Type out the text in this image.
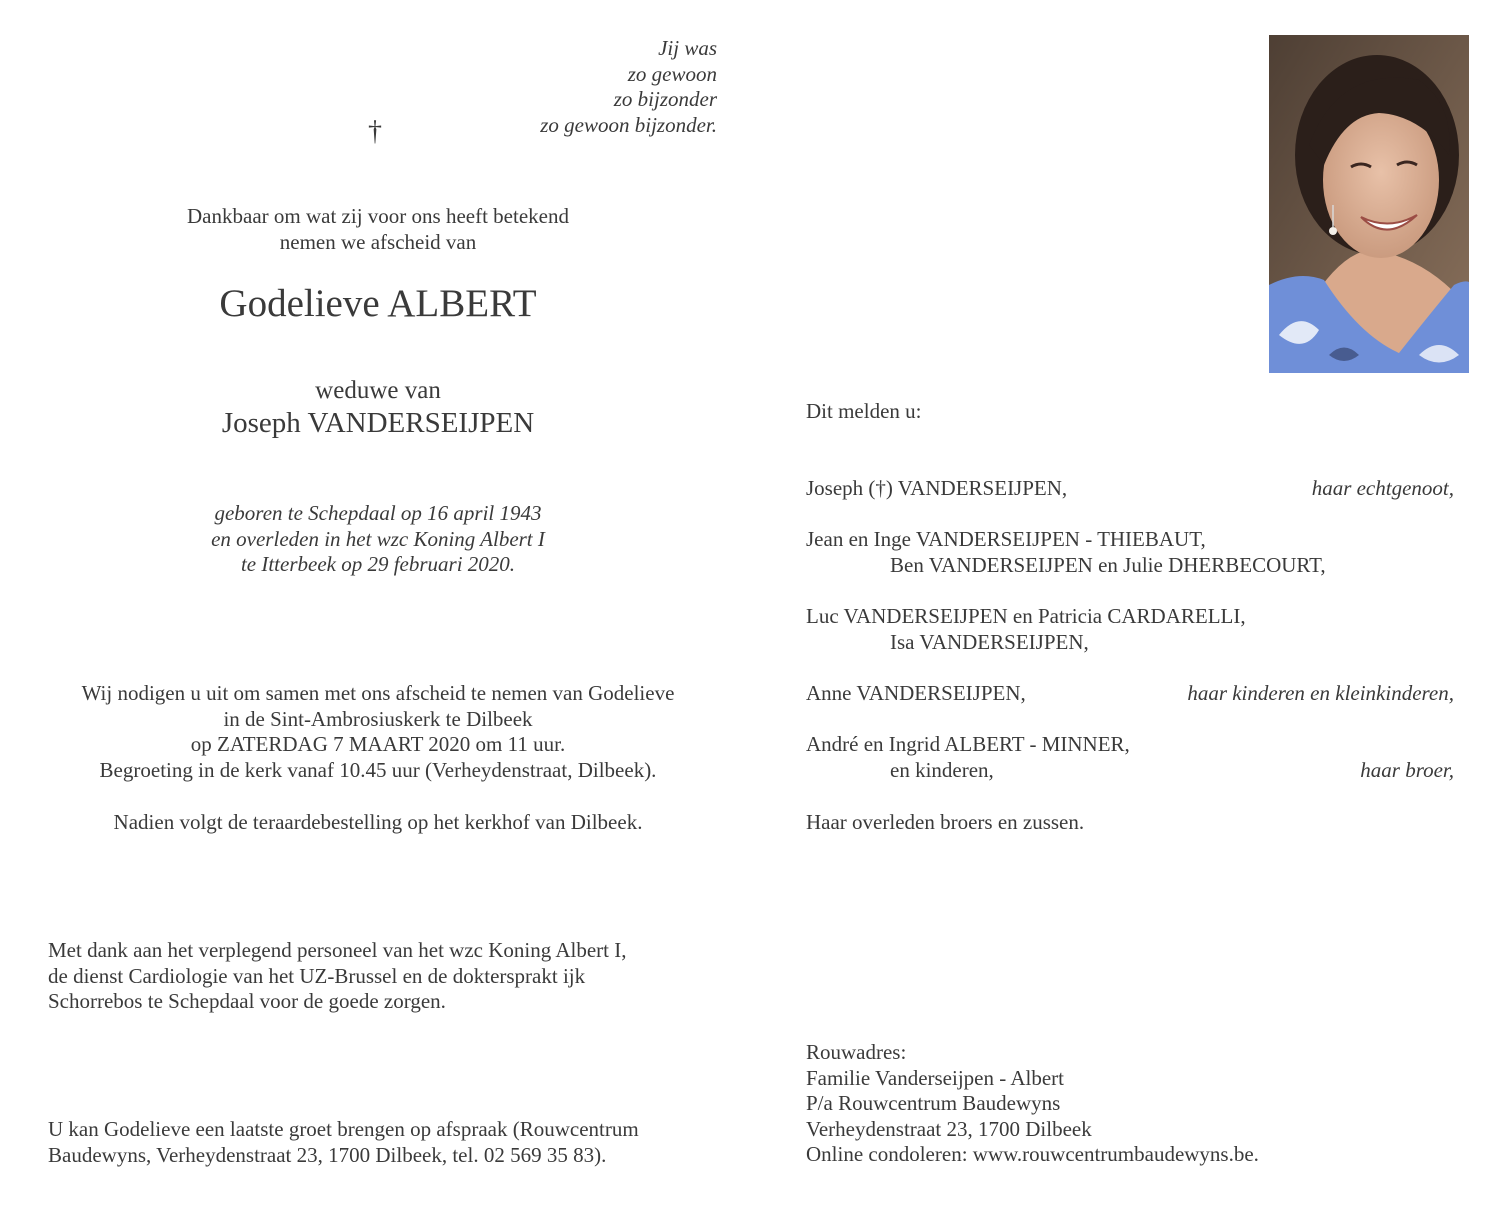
Jij was
zo gewoon
zo bijzonder
zo gewoon bijzonder.
†
Dankbaar om wat zij voor ons heeft betekend
nemen we afscheid van
Godelieve ALBERT
weduwe van
Joseph VANDERSEIJPEN
geboren te Schepdaal op 16 april 1943
en overleden in het wzc Koning Albert I
te Itterbeek op 29 februari 2020.
Wij nodigen u uit om samen met ons afscheid te nemen van Godelieve
in de Sint-Ambrosiuskerk te Dilbeek
op ZATERDAG 7 MAART 2020 om 11 uur.
Begroeting in de kerk vanaf 10.45 uur (Verheydenstraat, Dilbeek).
Nadien volgt de teraardebestelling op het kerkhof van Dilbeek.
Met dank aan het verplegend personeel van het wzc Koning Albert I,
de dienst Cardiologie van het UZ-Brussel en de doktersprakt ijk
Schorrebos te Schepdaal voor de goede zorgen.
U kan Godelieve een laatste groet brengen op afspraak (Rouwcentrum
Baudewyns, Verheydenstraat 23, 1700 Dilbeek, tel. 02 569 35 83).
Dit melden u:
Joseph (†) VANDERSEIJPEN,	haar echtgenoot,
Jean en Inge VANDERSEIJPEN - THIEBAUT,
Ben VANDERSEIJPEN en Julie DHERBECOURT,
Luc VANDERSEIJPEN en Patricia CARDARELLI,
Isa VANDERSEIJPEN,
Anne VANDERSEIJPEN,	haar kinderen en kleinkinderen,
André en Ingrid ALBERT - MINNER,
en kinderen,	haar broer,
Haar overleden broers en zussen.
Rouwadres:
Familie Vanderseijpen - Albert
P/a Rouwcentrum Baudewyns
Verheydenstraat 23, 1700 Dilbeek
Online condoleren: www.rouwcentrumbaudewyns.be.
